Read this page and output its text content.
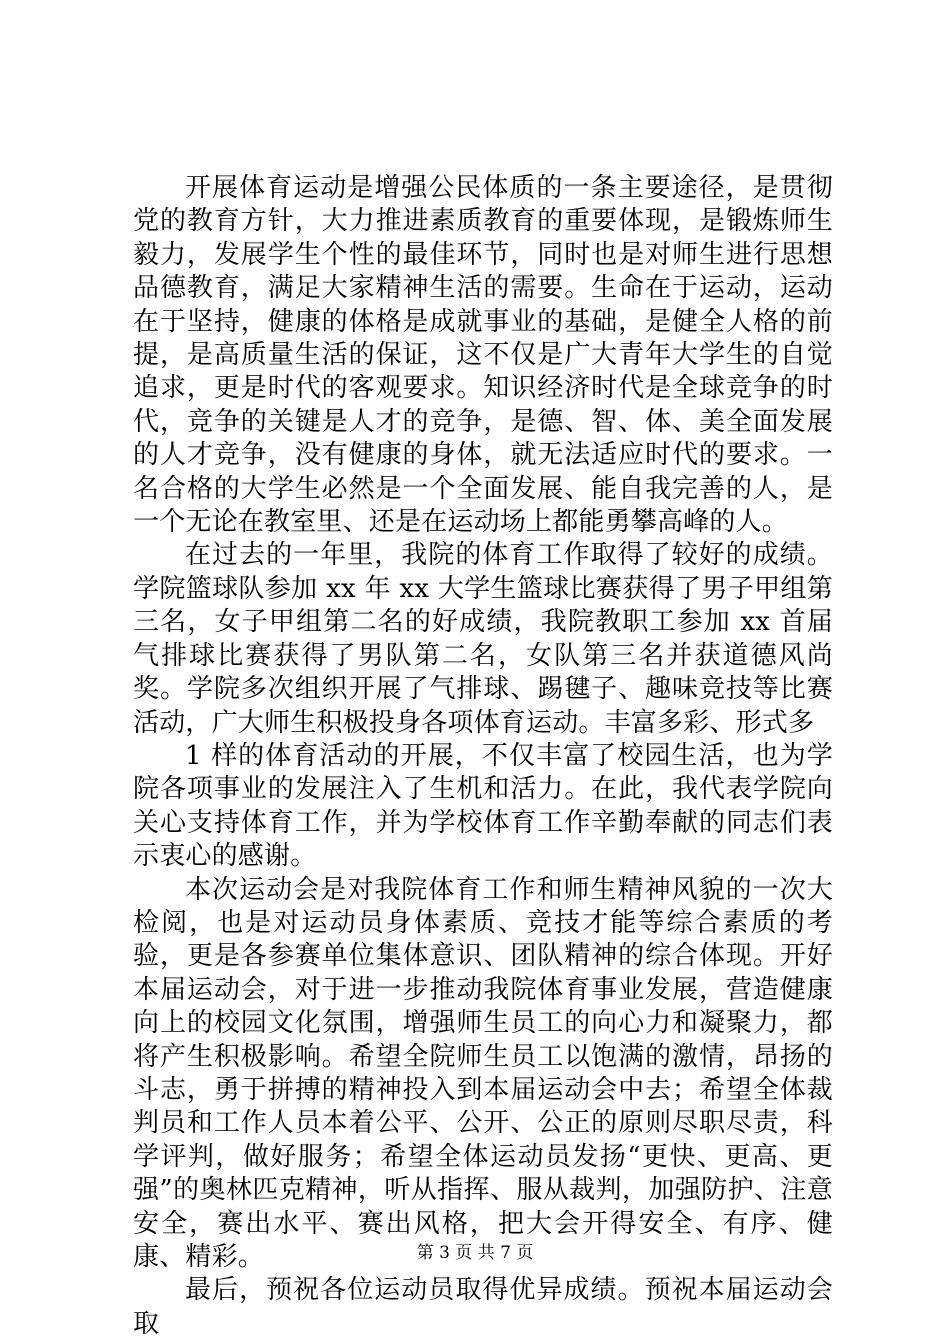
开展体育运动是增强公民体质的一条主要途径，是贯彻党的教育方针，大力推进素质教育的重要体现，是锻炼师生毅力，发展学生个性的最佳环节，同时也是对师生进行思想品德教育，满足大家精神生活的需要。生命在于运动，运动在于坚持，健康的体格是成就事业的基础，是健全人格的前提，是高质量生活的保证，这不仅是广大青年大学生的自觉追求，更是时代的客观要求。知识经济时代是全球竞争的时代，竞争的关键是人才的竞争，是德、智、体、美全面发展的人才竞争，没有健康的身体，就无法适应时代的要求。一名合格的大学生必然是一个全面发展、能自我完善的人，是一个无论在教室里、还是在运动场上都能勇攀高峰的人。

在过去的一年里，我院的体育工作取得了较好的成绩。学院篮球队参加 xx 年 xx 大学生篮球比赛获得了男子甲组第三名，女子甲组第二名的好成绩，我院教职工参加 xx 首届气排球比赛获得了男队第二名，女队第三名并获道德风尚奖。学院多次组织开展了气排球、踢毽子、趣味竞技等比赛活动，广大师生积极投身各项体育运动。丰富多彩、形式多

1 样的体育活动的开展，不仅丰富了校园生活，也为学院各项事业的发展注入了生机和活力。在此，我代表学院向关心支持体育工作，并为学校体育工作辛勤奉献的同志们表示衷心的感谢。

本次运动会是对我院体育工作和师生精神风貌的一次大检阅，也是对运动员身体素质、竞技才能等综合素质的考验，更是各参赛单位集体意识、团队精神的综合体现。开好本届运动会，对于进一步推动我院体育事业发展，营造健康向上的校园文化氛围，增强师生员工的向心力和凝聚力，都将产生积极影响。希望全院师生员工以饱满的激情，昂扬的斗志，勇于拼搏的精神投入到本届运动会中去；希望全体裁判员和工作人员本着公平、公开、公正的原则尽职尽责，科学评判，做好服务；希望全体运动员发扬“更快、更高、更强”的奥林匹克精神，听从指挥、服从裁判，加强防护、注意安全，赛出水平、赛出风格，把大会开得安全、有序、健康、精彩。

最后，预祝各位运动员取得优异成绩。预祝本届运动会取

第 3 页 共 7 页
